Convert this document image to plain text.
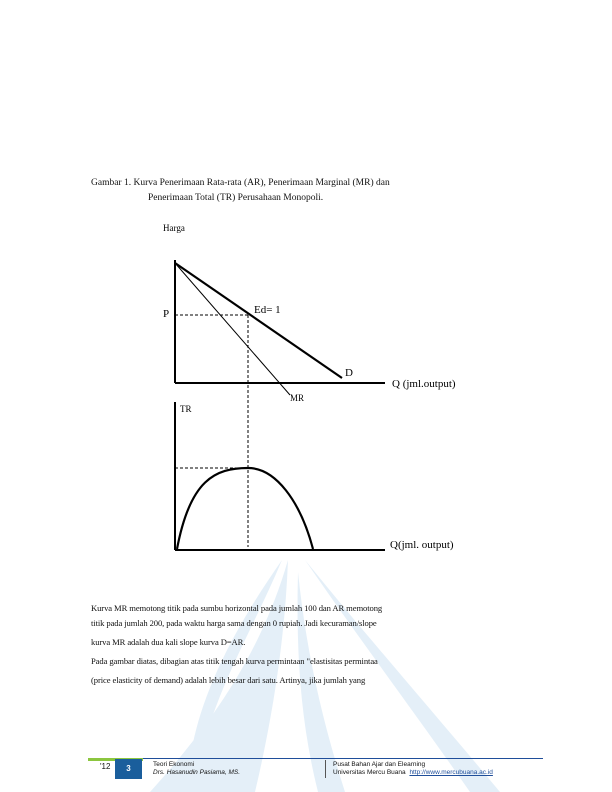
Gambar 1. Kurva Penerimaan Rata-rata (AR), Penerimaan Marginal (MR) dan
Penerimaan Total (TR) Perusahaan Monopoli.
Harga
P	Ed= 1
D
MR
Q (jml.output)
TR
Q(jml. output)
Kurva MR memotong titik pada sumbu horizontal pada jumlah 100 dan AR memotong
titik pada jumlah 200, pada waktu harga sama dengan 0 rupiah. Jadi kecuraman/slope
kurva MR adalah dua kali slope kurva D=AR.
Pada gambar diatas, dibagian atas titik tengah kurva permintaan "elastisitas permintaa
(price elasticity of demand) adalah lebih besar dari satu. Artinya, jika jumlah yang
'12	3	Teori Ekonomi
Drs. Hasanudin Pasiama, MS.
Pusat Bahan Ajar dan Elearning
Universitas Mercu Buana http://www.mercubuana.ac.id
